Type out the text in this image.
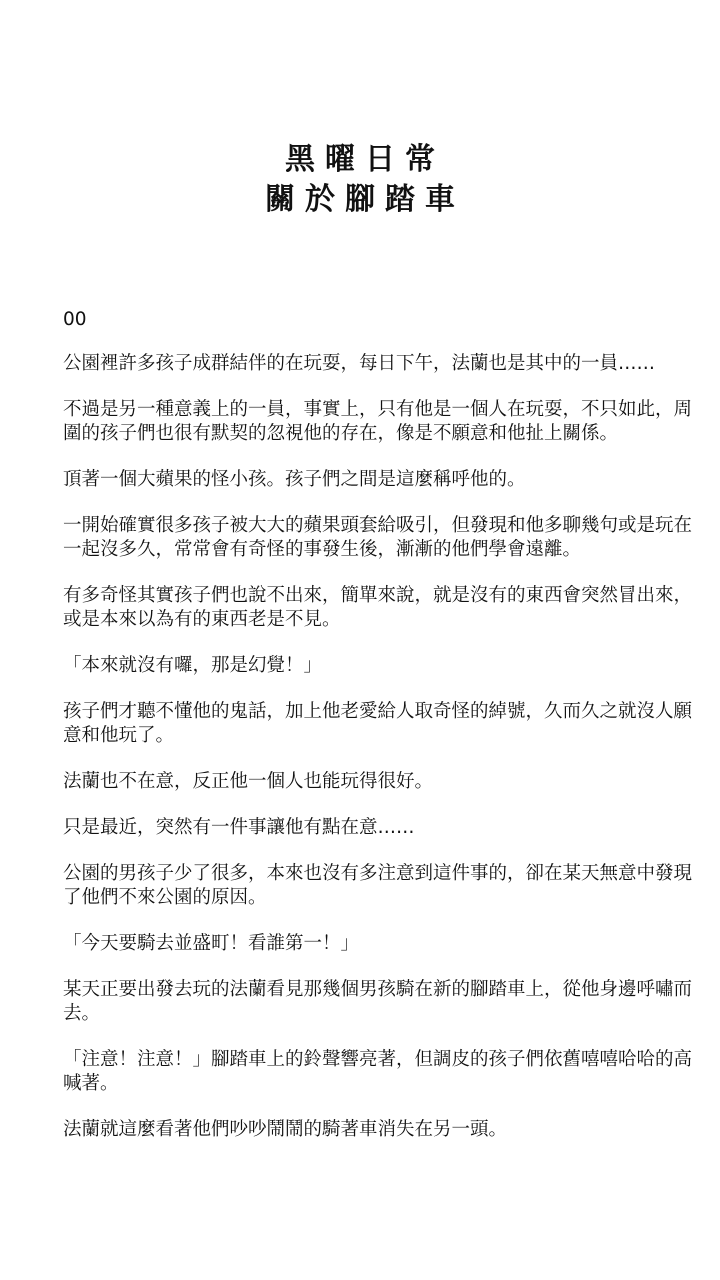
黑曜日常
關於腳踏車

00

公園裡許多孩子成群結伴的在玩耍，每日下午，法蘭也是其中的一員……

不過是另一種意義上的一員，事實上，只有他是一個人在玩耍，不只如此，周圍的孩子們也很有默契的忽視他的存在，像是不願意和他扯上關係。

頂著一個大蘋果的怪小孩。孩子們之間是這麼稱呼他的。

一開始確實很多孩子被大大的蘋果頭套給吸引，但發現和他多聊幾句或是玩在一起沒多久，常常會有奇怪的事發生後，漸漸的他們學會遠離。

有多奇怪其實孩子們也說不出來，簡單來說，就是沒有的東西會突然冒出來，或是本來以為有的東西老是不見。

「本來就沒有囉，那是幻覺！」

孩子們才聽不懂他的鬼話，加上他老愛給人取奇怪的綽號，久而久之就沒人願意和他玩了。

法蘭也不在意，反正他一個人也能玩得很好。

只是最近，突然有一件事讓他有點在意……

公園的男孩子少了很多，本來也沒有多注意到這件事的，卻在某天無意中發現了他們不來公園的原因。

「今天要騎去並盛町！看誰第一！」

某天正要出發去玩的法蘭看見那幾個男孩騎在新的腳踏車上，從他身邊呼嘯而去。

「注意！注意！」腳踏車上的鈴聲響亮著，但調皮的孩子們依舊嘻嘻哈哈的高喊著。

法蘭就這麼看著他們吵吵鬧鬧的騎著車消失在另一頭。
